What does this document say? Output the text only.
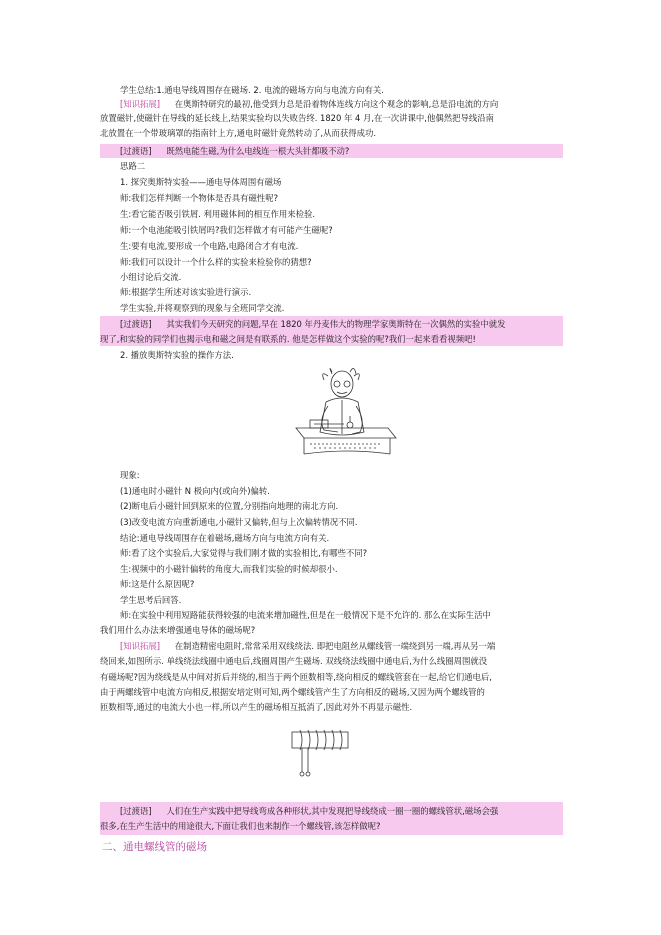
学生总结:1.通电导线周围存在磁场. 2. 电流的磁场方向与电流方向有关.
[知识拓展] 在奥斯特研究的最初,他受到力总是沿着物体连线方向这个观念的影响,总是沿电流的方向
放置磁针,使磁针在导线的延长线上,结果实验均以失败告终. 1820 年 4 月,在一次讲课中,他偶然把导线沿南
北放置在一个带玻璃罩的指南针上方,通电时磁针竟然转动了,从而获得成功.
[过渡语] 既然电能生磁,为什么电线连一根大头针都吸不动?
思路二
1. 探究奥斯特实验——通电导体周围有磁场
师:我们怎样判断一个物体是否具有磁性呢?
生:看它能否吸引铁屑. 利用磁体间的相互作用来检验.
师:一个电池能吸引铁屑吗?我们怎样做才有可能产生磁呢?
生:要有电流,要形成一个电路,电路闭合才有电流.
师:我们可以设计一个什么样的实验来检验你的猜想?
小组讨论后交流.
师:根据学生所述对该实验进行演示.
学生实验,并将观察到的现象与全班同学交流.
[过渡语] 其实我们今天研究的问题,早在 1820 年丹麦伟大的物理学家奥斯特在一次偶然的实验中就发
现了,和实验的同学们也揭示电和磁之间是有联系的. 他是怎样做这个实验的呢?我们一起来看看视频吧!
2. 播放奥斯特实验的操作方法.
现象:
(1)通电时小磁针 N 极向内(或向外)偏转.
(2)断电后小磁针回到原来的位置,分别指向地理的南北方向.
(3)改变电流方向重新通电,小磁针又偏转,但与上次偏转情况不同.
结论:通电导线周围存在着磁场,磁场方向与电流方向有关.
师:看了这个实验后,大家觉得与我们刚才做的实验相比,有哪些不同?
生:视频中的小磁针偏转的角度大,而我们实验的时候却很小.
师:这是什么原因呢?
学生思考后回答.
师:在实验中利用短路能获得较强的电流来增加磁性,但是在一般情况下是不允许的. 那么在实际生活中
我们用什么办法来增强通电导体的磁场呢?
[知识拓展] 在制造精密电阻时,常常采用双线绕法. 即把电阻丝从螺线管一端绕到另一端,再从另一端
绕回来,如图所示. 单线绕法线圈中通电后,线圈周围产生磁场. 双线绕法线圈中通电后,为什么线圈周围就没
有磁场呢?因为绕线是从中间对折后并绕的,相当于两个匝数相等,绕向相反的螺线管套在一起,给它们通电后,
由于两螺线管中电流方向相反,根据安培定则可知,两个螺线管产生了方向相反的磁场,又因为两个螺线管的
匝数相等,通过的电流大小也一样,所以产生的磁场相互抵消了,因此对外不再显示磁性.
[过渡语] 人们在生产实践中把导线弯成各种形状,其中发现把导线绕成一圈一圈的螺线管状,磁场会强
很多,在生产生活中的用途很大,下面让我们也来制作一个螺线管,该怎样做呢?
二、通电螺线管的磁场
